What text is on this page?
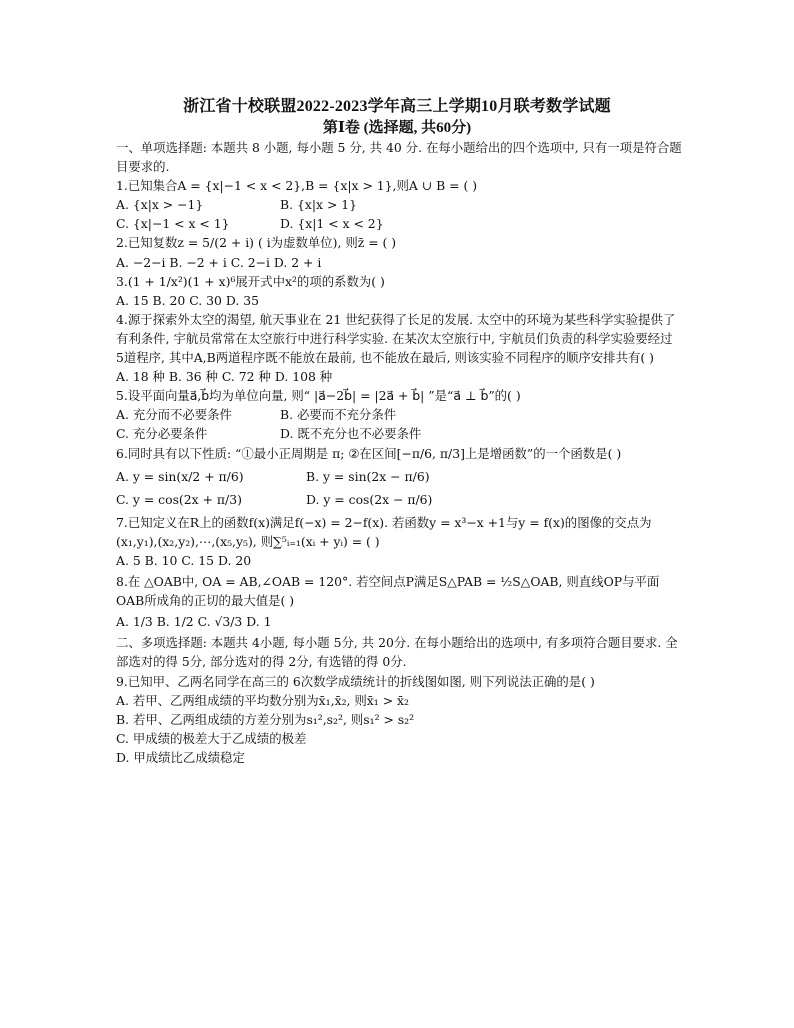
浙江省十校联盟2022-2023学年高三上学期10月联考数学试题
第Ⅰ卷 (选择题, 共60分)
一、单项选择题: 本题共 8 小题, 每小题 5 分, 共 40 分. 在每小题给出的四个选项中, 只有一项是符合题目要求的.
1.已知集合A = {x|−1 < x < 2},B = {x|x > 1},则A ∪ B = ( )
A. {x|x > −1}	B. {x|x > 1}
C. {x|−1 < x < 1}	D. {x|1 < x < 2}
2.已知复数z = 5/(2 + i) ( i为虚数单位), 则z̄ = ( )
A. −2−i B. −2 + i C. 2−i D. 2 + i
3.(1 + 1/x²)(1 + x)⁶展开式中x²的项的系数为( )
A. 15 B. 20 C. 30 D. 35
4.源于探索外太空的渴望, 航天事业在 21 世纪获得了长足的发展. 太空中的环境为某些科学实验提供了有利条件, 宇航员常常在太空旅行中进行科学实验. 在某次太空旅行中, 宇航员们负责的科学实验要经过 5道程序, 其中A,B两道程序既不能放在最前, 也不能放在最后, 则该实验不同程序的顺序安排共有( )
A. 18 种 B. 36 种 C. 72 种 D. 108 种
5.设平面向量a⃗,b⃗均为单位向量, 则“ |a⃗−2b⃗| = |2a⃗ + b⃗| ”是“a⃗ ⊥ b⃗”的( )
A. 充分而不必要条件	B. 必要而不充分条件
C. 充分必要条件	D. 既不充分也不必要条件
6.同时具有以下性质: “①最小正周期是 π; ②在区间[−π/6, π/3]上是增函数”的一个函数是( )
A. y = sin(x/2 + π/6)	B. y = sin(2x − π/6)
C. y = cos(2x + π/3)	D. y = cos(2x − π/6)
7.已知定义在R上的函数f(x)满足f(−x) = 2−f(x). 若函数y = x³−x +1与y = f(x)的图像的交点为(x₁,y₁),(x₂,y₂),⋯,(x₅,y₅), 则∑⁵ᵢ₌₁(xᵢ + yᵢ) = ( )
A. 5 B. 10 C. 15 D. 20
8.在 △OAB中, OA = AB,∠OAB = 120°. 若空间点P满足S△PAB = ½S△OAB, 则直线OP与平面OAB所成角的正切的最大值是( )
A. 1/3 B. 1/2 C. √3/3 D. 1
二、多项选择题: 本题共 4小题, 每小题 5分, 共 20分. 在每小题给出的选项中, 有多项符合题目要求. 全部选对的得 5分, 部分选对的得 2分, 有选错的得 0分.
9.已知甲、乙两名同学在高三的 6次数学成绩统计的折线图如图, 则下列说法正确的是( )
A. 若甲、乙两组成绩的平均数分别为x̄₁,x̄₂, 则x̄₁ > x̄₂
B. 若甲、乙两组成绩的方差分别为s₁²,s₂², 则s₁² > s₂²
C. 甲成绩的极差大于乙成绩的极差
D. 甲成绩比乙成绩稳定
